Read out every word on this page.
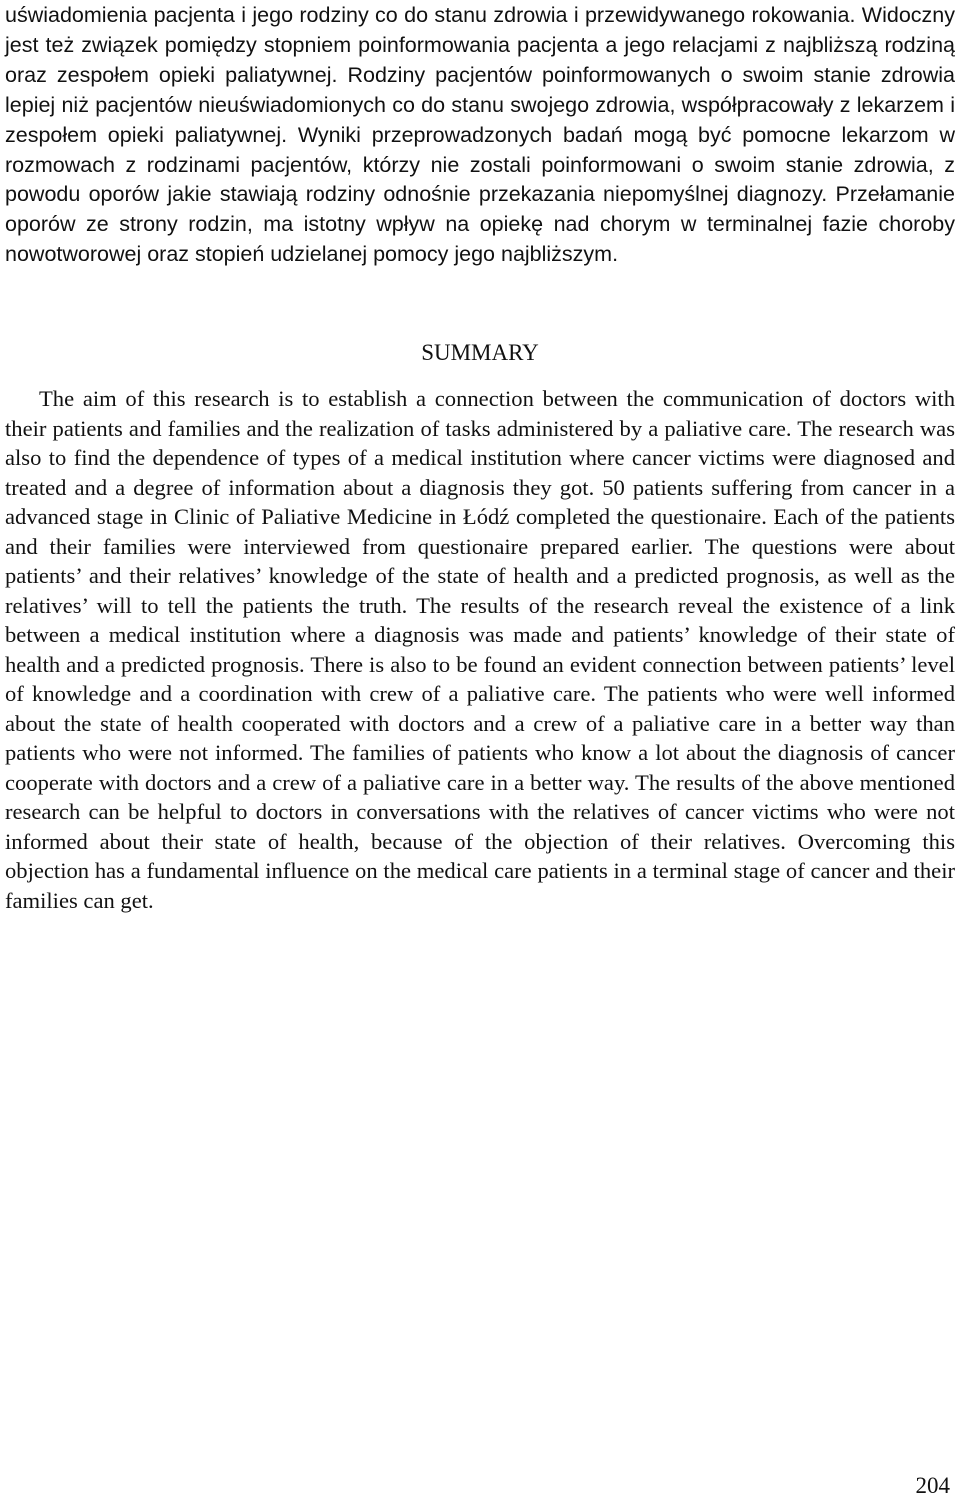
uświadomienia pacjenta i jego rodziny co do stanu zdrowia i przewidywanego rokowania. Widoczny jest też związek pomiędzy stopniem poinformowania pacjenta a jego relacjami z najbliższą rodziną oraz zespołem opieki paliatywnej. Rodziny pacjentów poinformowanych o swoim stanie zdrowia lepiej niż pacjentów nieuświadomionych co do stanu swojego zdrowia, współpracowały z lekarzem i zespołem opieki paliatywnej. Wyniki przeprowadzonych badań mogą być pomocne lekarzom w rozmowach z rodzinami pacjentów, którzy nie zostali poinformowani o swoim stanie zdrowia, z powodu oporów jakie stawiają rodziny odnośnie przekazania niepomyślnej diagnozy. Przełamanie oporów ze strony rodzin, ma istotny wpływ na opiekę nad chorym w terminalnej fazie choroby nowotworowej oraz stopień udzielanej pomocy jego najbliższym.

SUMMARY

The aim of this research is to establish a connection between the communication of doctors with their patients and families and the realization of tasks administered by a paliative care. The research was also to find the dependence of types of a medical institution where cancer victims were diagnosed and treated and a degree of information about a diagnosis they got. 50 patients suffering from cancer in a advanced stage in Clinic of Paliative Medicine in Łódź completed the questionaire. Each of the patients and their families were interviewed from questionaire prepared earlier. The questions were about patients’ and their relatives’ knowledge of the state of health and a predicted prognosis, as well as the relatives’ will to tell the patients the truth. The results of the research reveal the existence of a link between a medical institution where a diagnosis was made and patients’ knowledge of their state of health and a predicted prognosis. There is also to be found an evident connection between patients’ level of knowledge and a coordination with crew of a paliative care. The patients who were well informed about the state of health cooperated with doctors and a crew of a paliative care in a better way than patients who were not informed. The families of patients who know a lot about the diagnosis of cancer cooperate with doctors and a crew of a paliative care in a better way. The results of the above mentioned research can be helpful to doctors in conversations with the relatives of cancer victims who were not informed about their state of health, because of the objection of their relatives. Overcoming this objection has a fundamental influence on the medical care patients in a terminal stage of cancer and their families can get.

204
